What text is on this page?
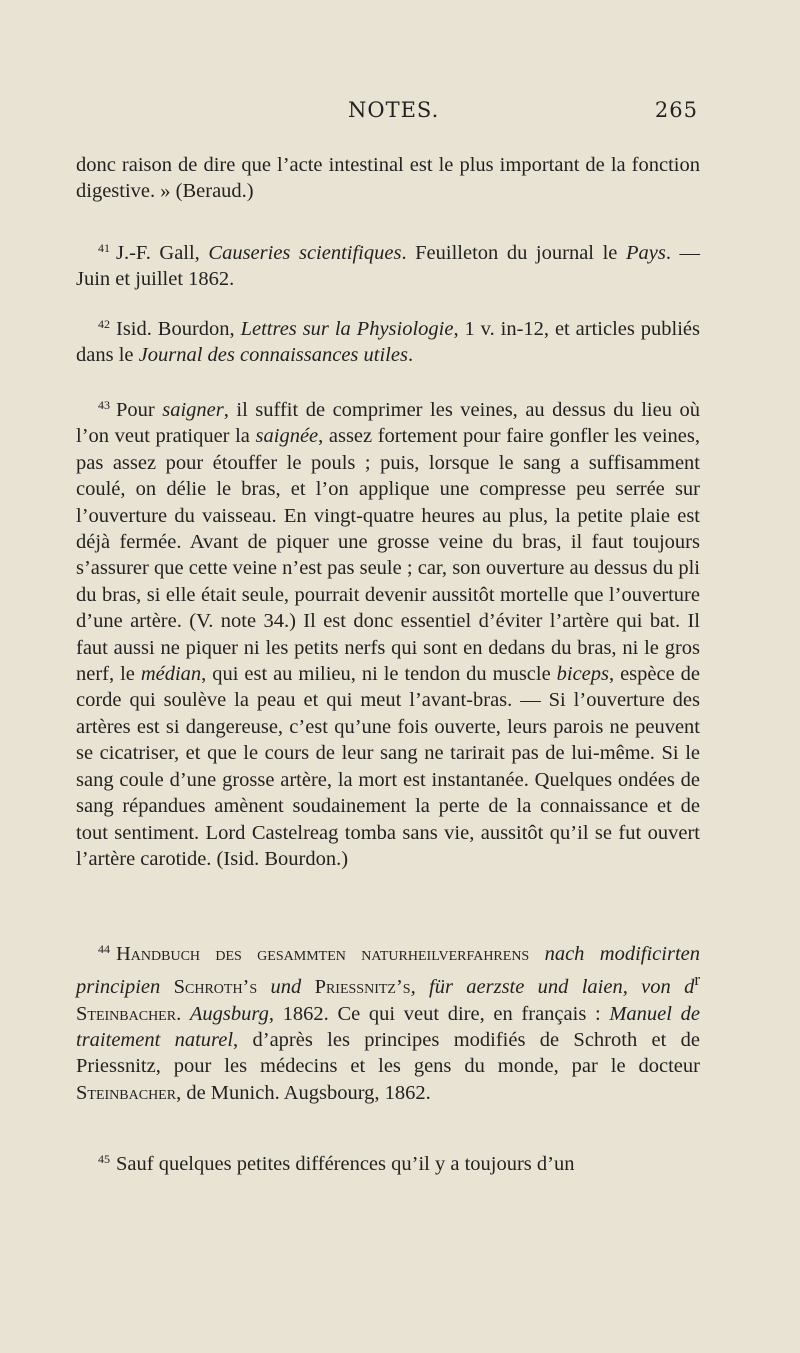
NOTES.	265

donc raison de dire que l’acte intestinal est le plus important de la fonction digestive. » (Beraud.)

$^{41}$ J.-F. Gall, Causeries scientifiques. Feuilleton du journal le Pays. — Juin et juillet 1862.

$^{42}$ Isid. Bourdon, Lettres sur la Physiologie, 1 v. in-12, et articles publiés dans le Journal des connaissances utiles.

$^{43}$ Pour saigner, il suffit de comprimer les veines, au dessus du lieu où l’on veut pratiquer la saignée, assez fortement pour faire gonfler les veines, pas assez pour étouffer le pouls ; puis, lorsque le sang a suffisamment coulé, on délie le bras, et l’on applique une compresse peu serrée sur l’ouverture du vaisseau. En vingt-quatre heures au plus, la petite plaie est déjà fermée. Avant de piquer une grosse veine du bras, il faut toujours s’assurer que cette veine n’est pas seule ; car, son ouverture au dessus du pli du bras, si elle était seule, pourrait devenir aussitôt mortelle que l’ouverture d’une artère. (V. note 34.) Il est donc essentiel d’éviter l’artère qui bat. Il faut aussi ne piquer ni les petits nerfs qui sont en dedans du bras, ni le gros nerf, le médian, qui est au milieu, ni le tendon du muscle biceps, espèce de corde qui soulève la peau et qui meut l’avant-bras. — Si l’ouverture des artères est si dangereuse, c’est qu’une fois ouverte, leurs parois ne peuvent se cicatriser, et que le cours de leur sang ne tarirait pas de lui-même. Si le sang coule d’une grosse artère, la mort est instantanée. Quelques ondées de sang répandues amènent soudainement la perte de la connaissance et de tout sentiment. Lord Castelreag tomba sans vie, aussitôt qu’il se fut ouvert l’artère carotide. (Isid. Bourdon.)

$^{44}$ Handbuch des gesammten naturheilverfahrens nach modificirten principien Schroth’s und Priessnitz’s, für aerzste und laien, von $d^r$ Steinbacher. Augsburg, 1862. Ce qui veut dire, en français : Manuel de traitement naturel, d’après les principes modifiés de Schroth et de Priessnitz, pour les médecins et les gens du monde, par le docteur Steinbacher, de Munich. Augsbourg, 1862.

$^{45}$ Sauf quelques petites différences qu’il y a toujours d’un
